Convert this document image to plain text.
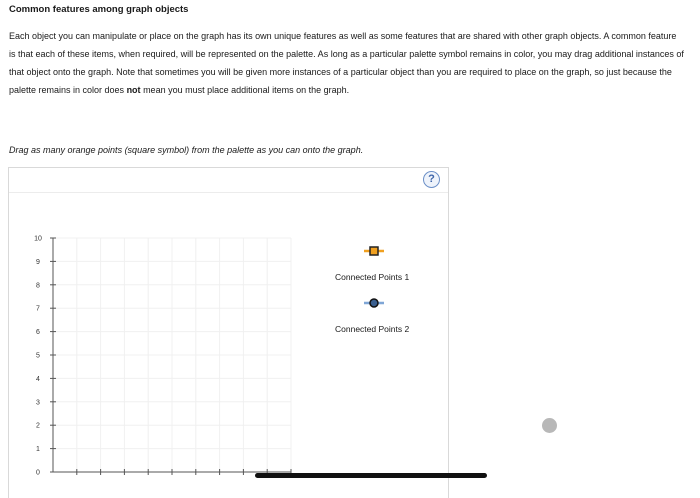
Common features among graph objects
Each object you can manipulate or place on the graph has its own unique features as well as some features that are shared with other graph objects. A common feature is that each of these items, when required, will be represented on the palette. As long as a particular palette symbol remains in color, you may drag additional instances of that object onto the graph. Note that sometimes you will be given more instances of a particular object than you are required to place on the graph, so just because the palette remains in color does not mean you must place additional items on the graph.
Drag as many orange points (square symbol) from the palette as you can onto the graph.
?
10
9
8
7
6
5
4
3
2
1
0
Connected Points 1
Connected Points 2
